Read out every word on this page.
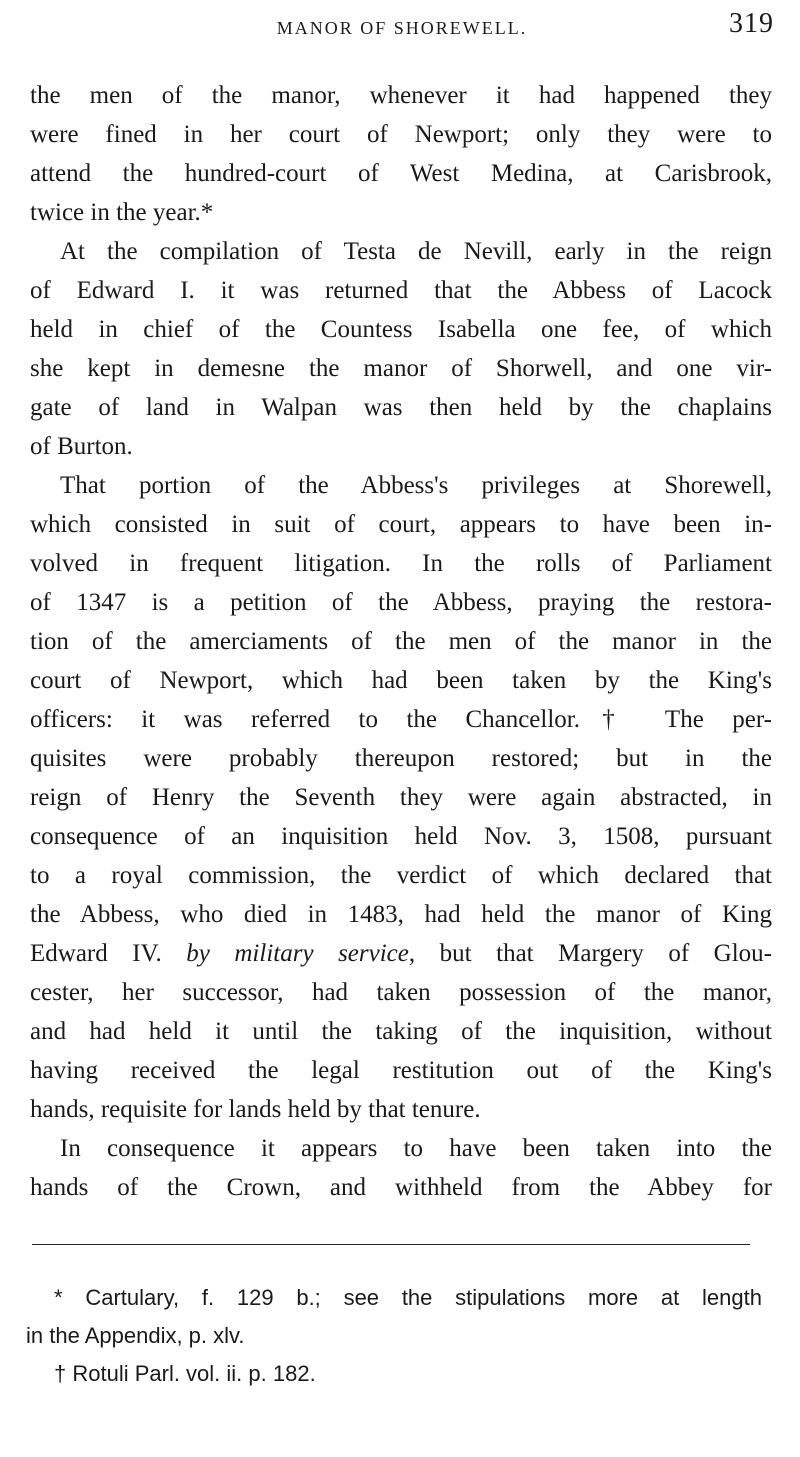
MANOR OF SHOREWELL.	319
the men of the manor, whenever it had happened they
were fined in her court of Newport; only they were to
attend the hundred-court of West Medina, at Carisbrook,
twice in the year.*
At the compilation of Testa de Nevill, early in the reign
of Edward I. it was returned that the Abbess of Lacock
held in chief of the Countess Isabella one fee, of which
she kept in demesne the manor of Shorwell, and one vir-
gate of land in Walpan was then held by the chaplains
of Burton.
That portion of the Abbess's privileges at Shorewell,
which consisted in suit of court, appears to have been in-
volved in frequent litigation. In the rolls of Parliament
of 1347 is a petition of the Abbess, praying the restora-
tion of the amerciaments of the men of the manor in the
court of Newport, which had been taken by the King's
officers: it was referred to the Chancellor.† The per-
quisites were probably thereupon restored; but in the
reign of Henry the Seventh they were again abstracted, in
consequence of an inquisition held Nov. 3, 1508, pursuant
to a royal commission, the verdict of which declared that
the Abbess, who died in 1483, had held the manor of King
Edward IV. by military service, but that Margery of Glou-
cester, her successor, had taken possession of the manor,
and had held it until the taking of the inquisition, without
having received the legal restitution out of the King's
hands, requisite for lands held by that tenure.
In consequence it appears to have been taken into the
hands of the Crown, and withheld from the Abbey for
* Cartulary, f. 129 b.; see the stipulations more at length
in the Appendix, p. xlv.
† Rotuli Parl. vol. ii. p. 182.
